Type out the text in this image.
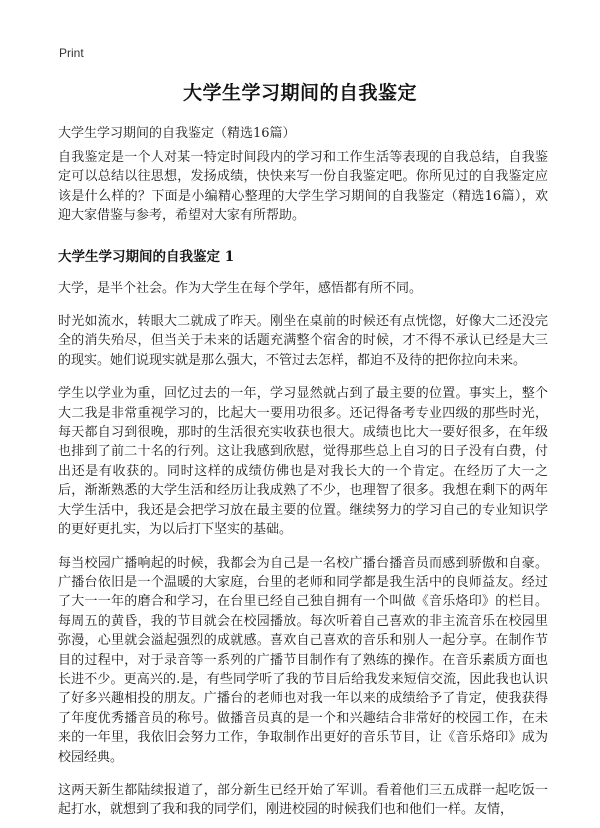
Print
大学生学习期间的自我鉴定
大学生学习期间的自我鉴定（精选16篇）

自我鉴定是一个人对某一特定时间段内的学习和工作生活等表现的自我总结，自我鉴定可以总结以往思想，发扬成绩，快快来写一份自我鉴定吧。你所见过的自我鉴定应该是什么样的？下面是小编精心整理的大学生学习期间的自我鉴定（精选16篇），欢迎大家借鉴与参考，希望对大家有所帮助。

大学生学习期间的自我鉴定 1

大学，是半个社会。作为大学生在每个学年，感悟都有所不同。

时光如流水，转眼大二就成了昨天。刚坐在桌前的时候还有点恍惚，好像大二还没完全的消失殆尽，但当关于未来的话题充满整个宿舍的时候，才不得不承认已经是大三的现实。她们说现实就是那么强大，不管过去怎样，都迫不及待的把你拉向未来。

学生以学业为重，回忆过去的一年，学习显然就占到了最主要的位置。事实上，整个大二我是非常重视学习的，比起大一要用功很多。还记得备考专业四级的那些时光，每天都自习到很晚，那时的生活很充实收获也很大。成绩也比大一要好很多，在年级也排到了前二十名的行列。这让我感到欣慰，觉得那些总上自习的日子没有白费，付出还是有收获的。同时这样的成绩仿佛也是对我长大的一个肯定。在经历了大一之后，渐渐熟悉的大学生活和经历让我成熟了不少，也理智了很多。我想在剩下的两年大学生活中，我还是会把学习放在最主要的位置。继续努力的学习自己的专业知识学的更好更扎实，为以后打下坚实的基础。

每当校园广播响起的时候，我都会为自己是一名校广播台播音员而感到骄傲和自豪。广播台依旧是一个温暖的大家庭，台里的老师和同学都是我生活中的良师益友。经过了大一一年的磨合和学习，在台里已经自己独自拥有一个叫做《音乐烙印》的栏目。每周五的黄昏，我的节目就会在校园播放。每次听着自己喜欢的非主流音乐在校园里弥漫，心里就会溢起强烈的成就感。喜欢自己喜欢的音乐和别人一起分享。在制作节目的过程中，对于录音等一系列的广播节目制作有了熟练的操作。在音乐素质方面也长进不少。更高兴的.是，有些同学听了我的节目后给我发来短信交流，因此我也认识了好多兴趣相投的朋友。广播台的老师也对我一年以来的成绩给予了肯定，使我获得了年度优秀播音员的称号。做播音员真的是一个和兴趣结合非常好的校园工作，在未来的一年里，我依旧会努力工作，争取制作出更好的音乐节目，让《音乐烙印》成为校园经典。

这两天新生都陆续报道了，部分新生已经开始了军训。看着他们三五成群一起吃饭一起打水，就想到了我和我的同学们，刚进校园的时候我们也和他们一样。友情，
